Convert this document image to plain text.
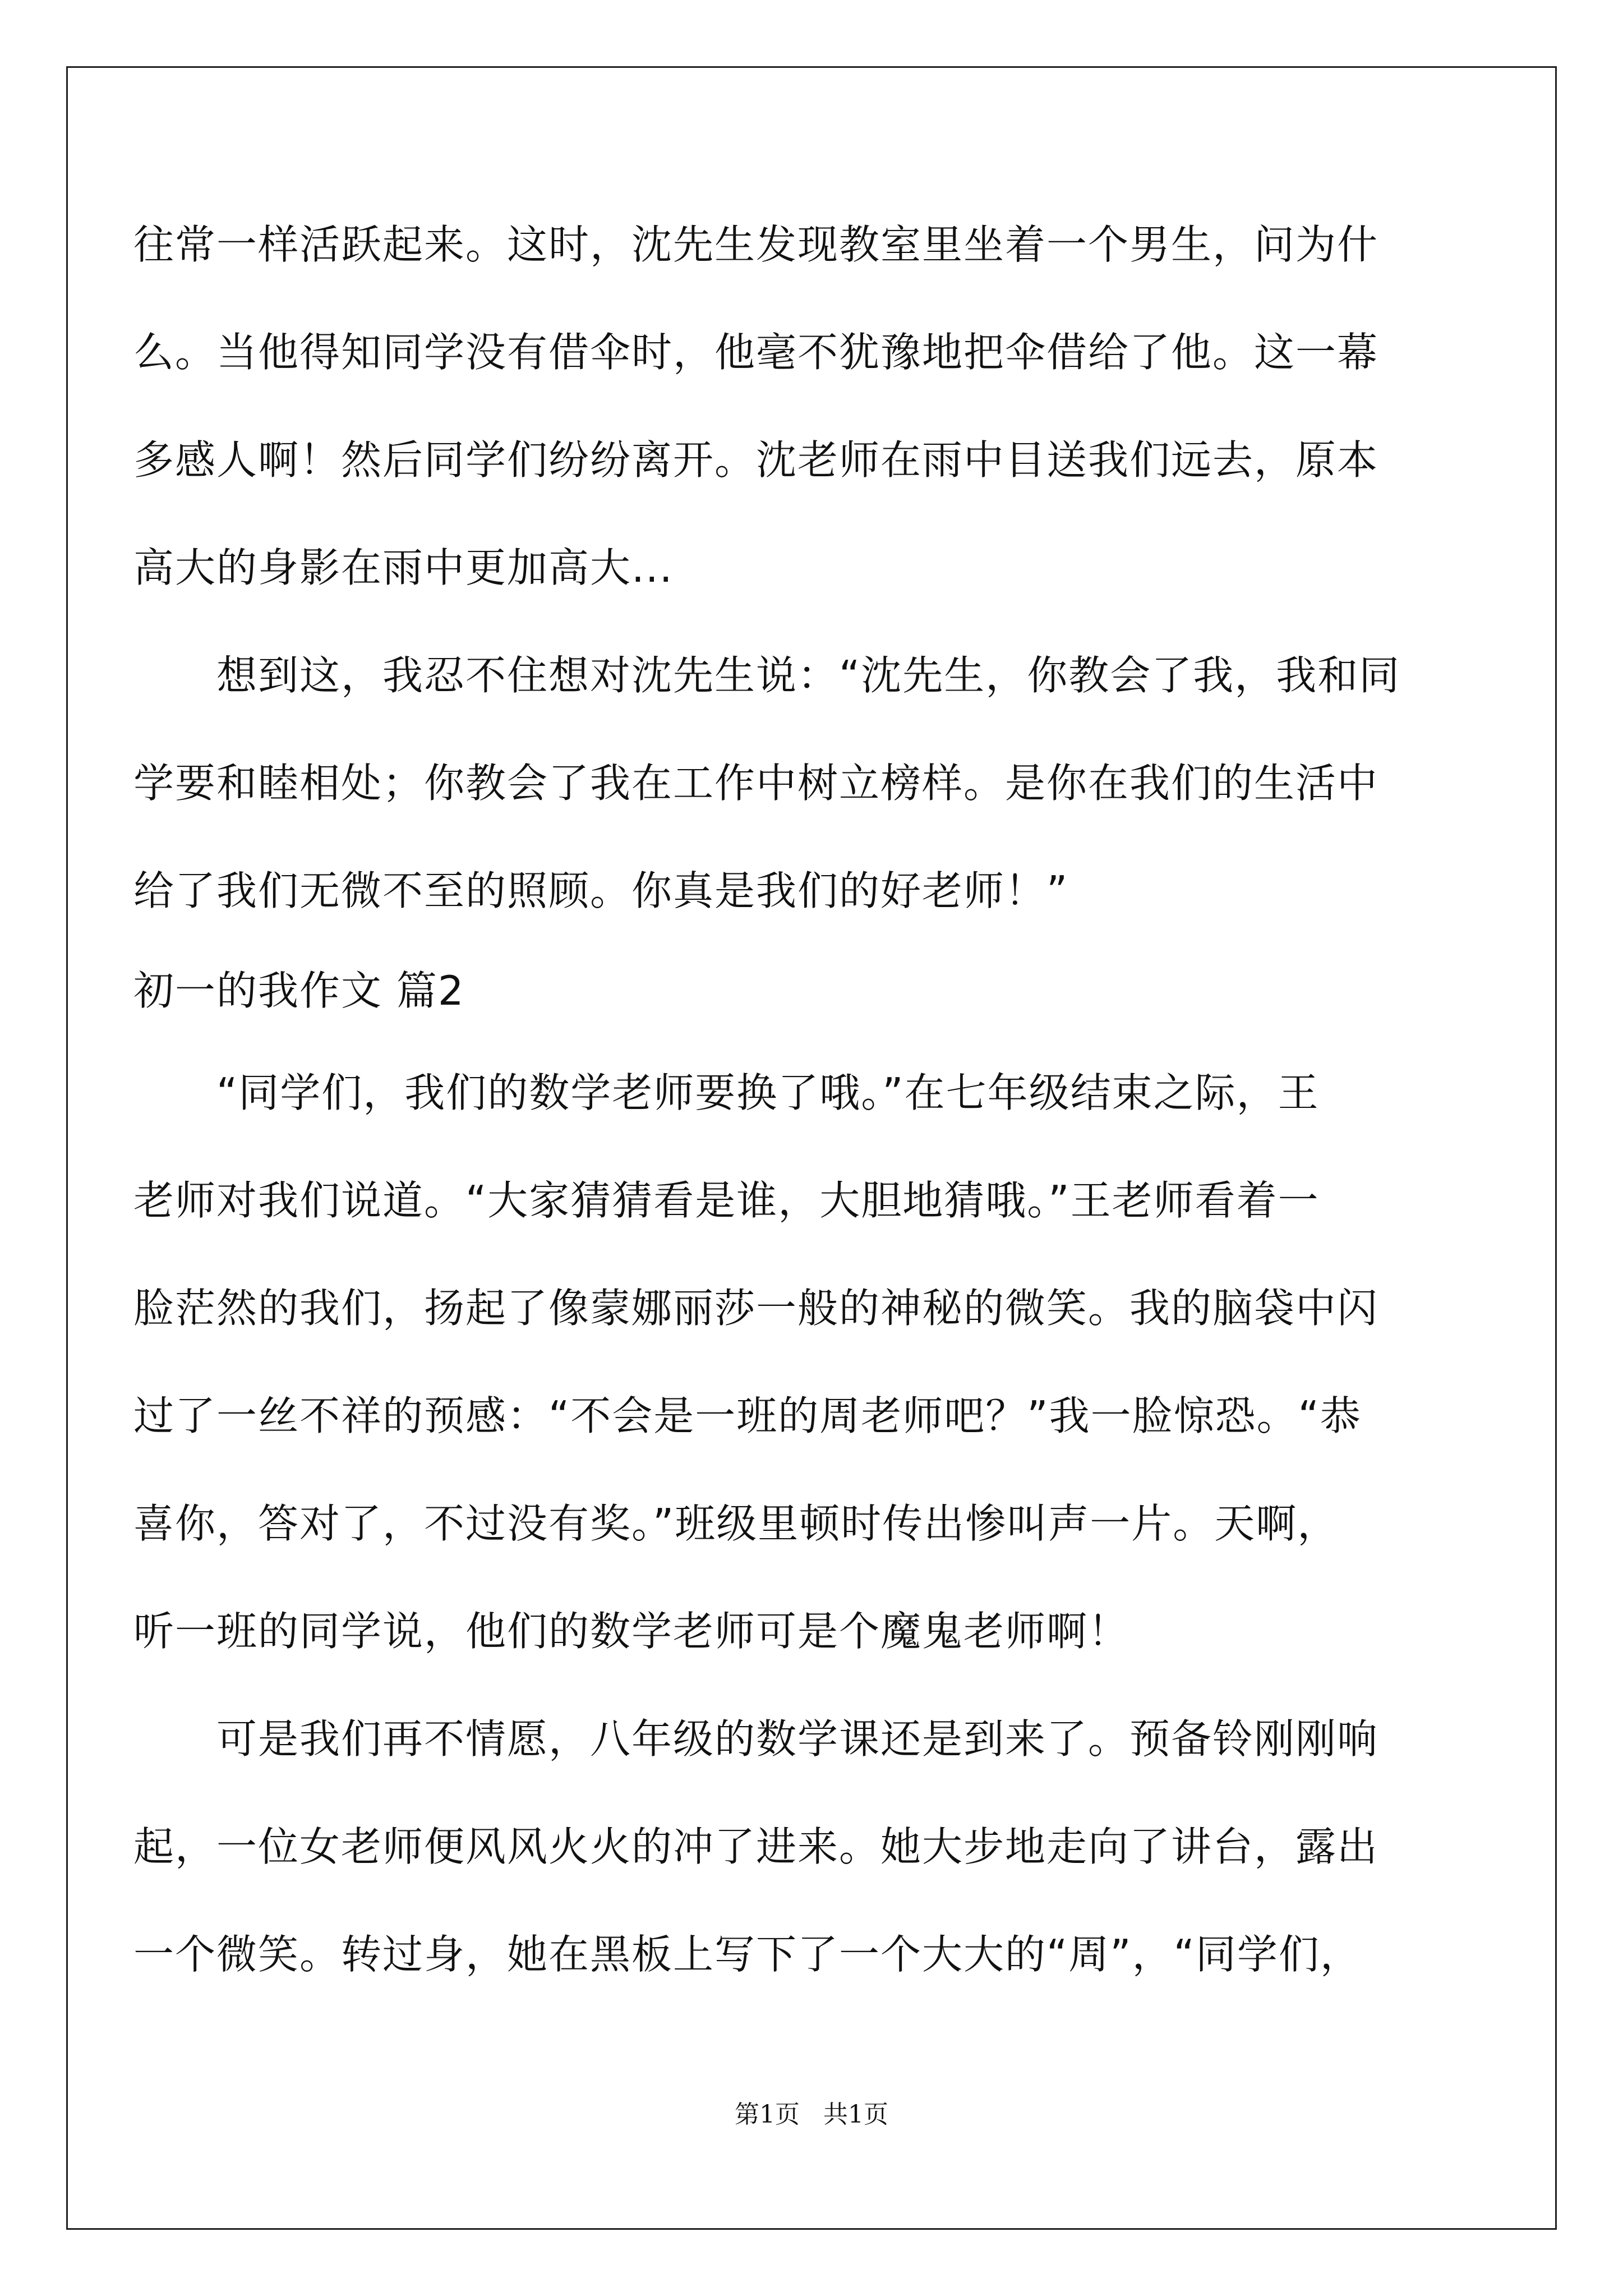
往常一样活跃起来。这时，沈先生发现教室里坐着一个男生，问为什
么。当他得知同学没有借伞时，他毫不犹豫地把伞借给了他。这一幕
多感人啊！然后同学们纷纷离开。沈老师在雨中目送我们远去，原本
高大的身影在雨中更加高大...
想到这，我忍不住想对沈先生说：“沈先生，你教会了我，我和同
学要和睦相处；你教会了我在工作中树立榜样。是你在我们的生活中
给了我们无微不至的照顾。你真是我们的好老师！”
初一的我作文 篇2
“同学们，我们的数学老师要换了哦。”在七年级结束之际，王
老师对我们说道。“大家猜猜看是谁，大胆地猜哦。”王老师看着一
脸茫然的我们，扬起了像蒙娜丽莎一般的神秘的微笑。我的脑袋中闪
过了一丝不祥的预感：“不会是一班的周老师吧？”我一脸惊恐。“恭
喜你，答对了，不过没有奖。”班级里顿时传出惨叫声一片。天啊，
听一班的同学说，他们的数学老师可是个魔鬼老师啊！
可是我们再不情愿，八年级的数学课还是到来了。预备铃刚刚响
起，一位女老师便风风火火的冲了进来。她大步地走向了讲台，露出
一个微笑。转过身，她在黑板上写下了一个大大的“周”，“同学们，
第1页 共1页
